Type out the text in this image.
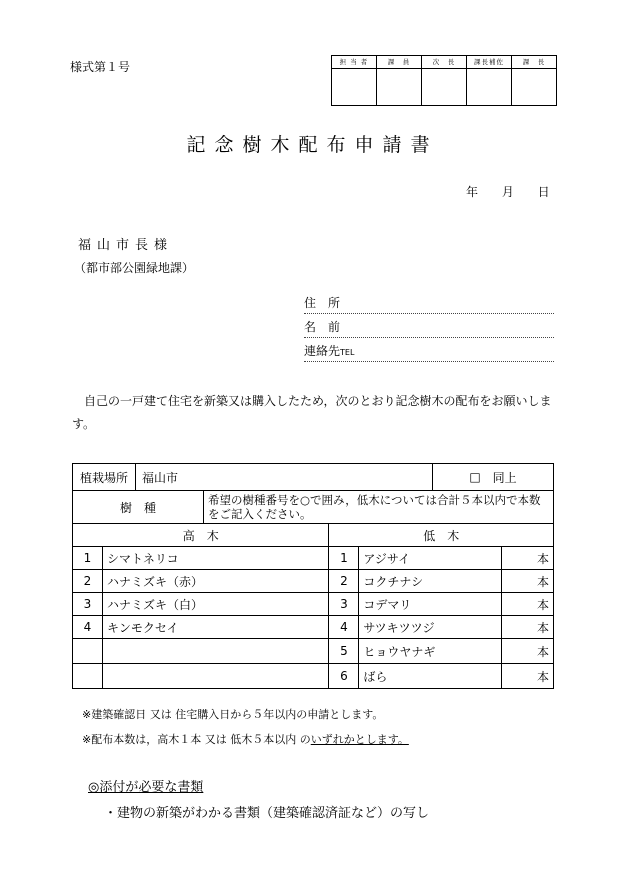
様式第１号	担 当 者	課　員	次　長	課長補佐	課　長

記念樹木配布申請書
年 月 日
福山市長様
（都市部公園緑地課）
住　所
名　前
連絡先TEL
自己の一戸建て住宅を新築又は購入したため，次のとおり記念樹木の配布をお願いします。
植栽場所 福山市 □ 同上				

樹　種
希望の樹種番号を○で囲み，低木については合計５本以内で本数をご記入ください。				

高　木		低　木		
1	シマトネリコ	1	アジサイ	本
2	ハナミズキ（赤）	2	コクチナシ	本
3	ハナミズキ（白）	3	コデマリ	本
4	キンモクセイ	4	サツキツツジ	本
		5	ヒョウヤナギ	本
		6	ばら	本
※建築確認日 又は 住宅購入日から５年以内の申請とします。
※配布本数は，高木１本 又は 低木５本以内 のいずれかとします。
◎添付が必要な書類
・建物の新築がわかる書類（建築確認済証など）の写し
